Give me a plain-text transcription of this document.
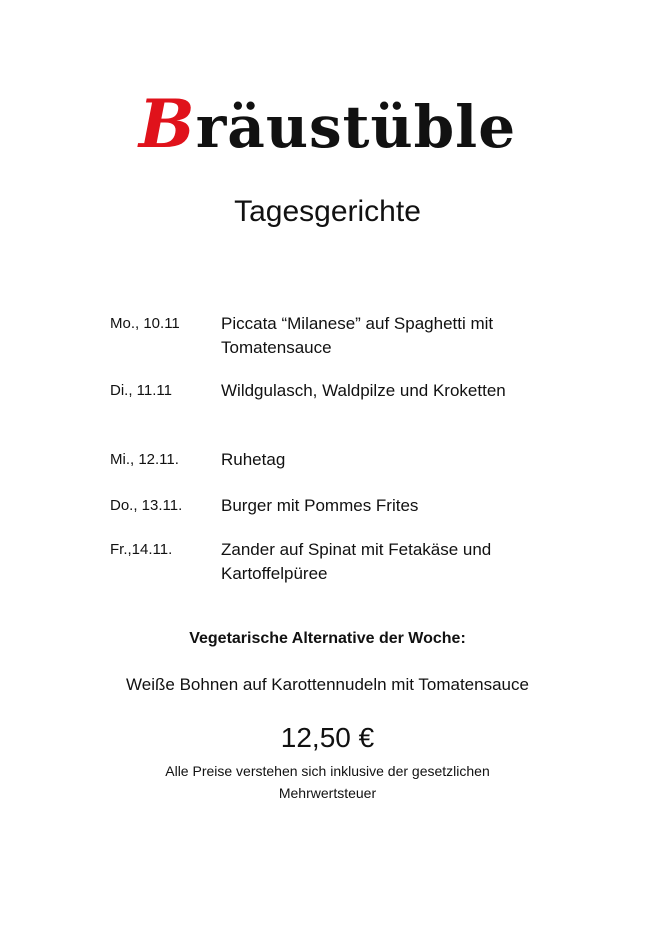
Bräustüble
Tagesgerichte
Mo., 10.11	Piccata “Milanese” auf Spaghetti mit Tomatensauce
Di., 11.11	Wildgulasch, Waldpilze und Kroketten
Mi., 12.11.	Ruhetag
Do., 13.11.	Burger mit Pommes Frites
Fr.,14.11.	Zander auf Spinat mit Fetakäse und Kartoffelpüree
Vegetarische Alternative der Woche:
Weiße Bohnen auf Karottennudeln mit Tomatensauce
12,50 €
Alle Preise verstehen sich inklusive der gesetzlichen Mehrwertsteuer
